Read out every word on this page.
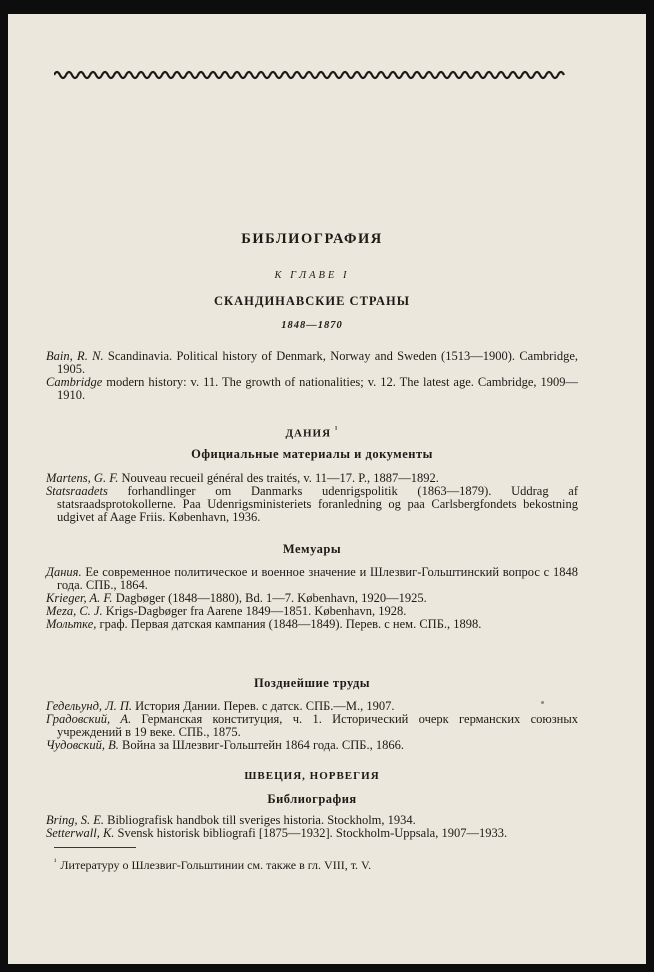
БИБЛИОГРАФИЯ
К ГЛАВЕ I
СКАНДИНАВСКИЕ СТРАНЫ
1848—1870
Bain, R. N. Scandinavia. Political history of Denmark, Norway and Sweden (1513—1900). Cambridge, 1905.
Cambridge modern history: v. 11. The growth of nationalities; v. 12. The latest age. Cambridge, 1909—1910.
ДАНИЯ $^{^1}$
Официальные материалы и документы
Martens, G. F. Nouveau recueil général des traités, v. 11—17. P., 1887—1892.
Statsraadets forhandlinger om Danmarks udenrigspolitik (1863—1879). Uddrag af statsraadsprotokollerne. Paa Udenrigsministeriets foranledning og paa Carlsbergfondets bekostning udgivet af Aage Friis. København, 1936.
Мемуары
Дания. Ее современное политическое и военное значение и Шлезвиг-Гольштинский вопрос с 1848 года. СПБ., 1864.
Krieger, A. F. Dagbøger (1848—1880), Bd. 1—7. København, 1920—1925.
Meza, C. J. Krigs-Dagbøger fra Aarene 1849—1851. København, 1928.
Мольтке, граф. Первая датская кампания (1848—1849). Перев. с нем. СПБ., 1898.
Позднейшие труды
Гедельунд, Л. П. История Дании. Перев. с датск. СПБ.—М., 1907.
Градовский, А. Германская конституция, ч. 1. Исторический очерк германских союзных учреждений в 19 веке. СПБ., 1875.
Чудовский, В. Война за Шлезвиг-Гольштейн 1864 года. СПБ., 1866.
ШВЕЦИЯ, НОРВЕГИЯ
Библиография
Bring, S. E. Bibliografisk handbok till sveriges historia. Stockholm, 1934.
Setterwall, K. Svensk historisk bibliografi [1875—1932]. Stockholm-Uppsala, 1907—1933.
$^{^1}$ Литературу о Шлезвиг-Гольштинии см. также в гл. VIII, т. V.
